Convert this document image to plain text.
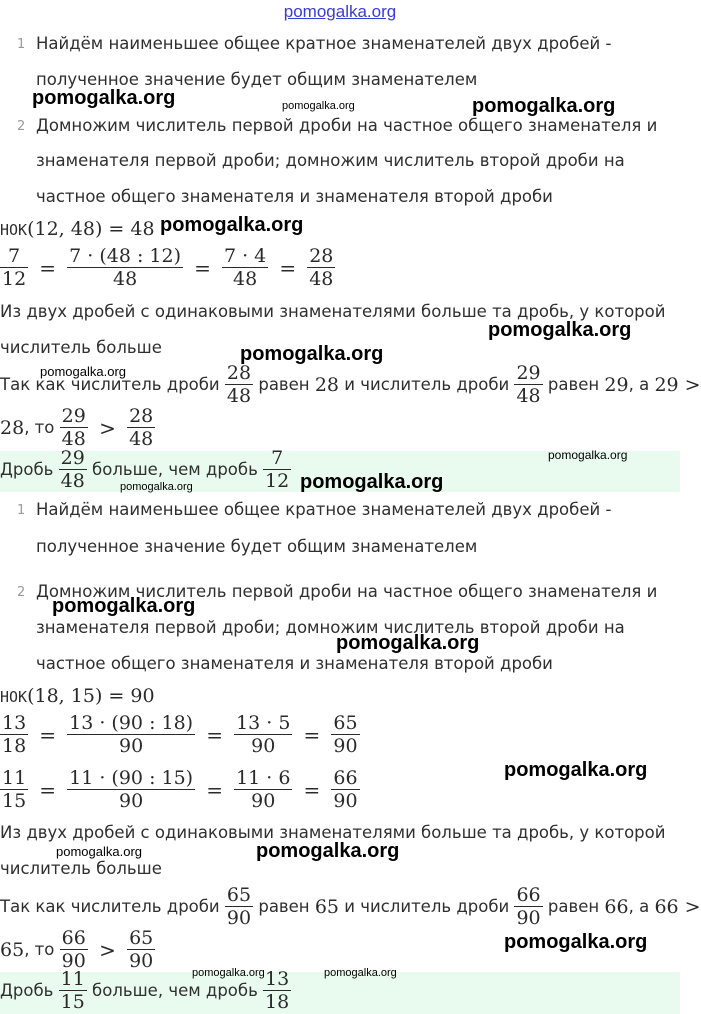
pomogalka.org
1 Найдём наименьшее общее кратное знаменателей двух дробей -
полученное значение будет общим знаменателем
2 Домножим числитель первой дроби на частное общего знаменателя и
знаменателя первой дроби; домножим числитель второй дроби на
частное общего знаменателя и знаменателя второй дроби
НОК(12, 48) = 48
$\frac{7}{12} = \frac{7 \cdot (48 : 12)}{48} = \frac{7 \cdot 4}{48} = \frac{28}{48}$
Из двух дробей с одинаковыми знаменателями больше та дробь, у которой
числитель больше
Так как числитель дроби $\frac{28}{48}$ равен 28 и числитель дроби $\frac{29}{48}$ равен 29, а 29 >
28, то $\frac{29}{48} > \frac{28}{48}$
Дробь $\frac{29}{48}$ больше, чем дробь $\frac{7}{12}$
1 Найдём наименьшее общее кратное знаменателей двух дробей -
полученное значение будет общим знаменателем
2 Домножим числитель первой дроби на частное общего знаменателя и
знаменателя первой дроби; домножим числитель второй дроби на
частное общего знаменателя и знаменателя второй дроби
НОК(18, 15) = 90
$\frac{13}{18} = \frac{13 \cdot (90 : 18)}{90} = \frac{13 \cdot 5}{90} = \frac{65}{90}$
$\frac{11}{15} = \frac{11 \cdot (90 : 15)}{90} = \frac{11 \cdot 6}{90} = \frac{66}{90}$
Из двух дробей с одинаковыми знаменателями больше та дробь, у которой
числитель больше
Так как числитель дроби $\frac{65}{90}$ равен 65 и числитель дроби $\frac{66}{90}$ равен 66, а 66 >
65, то $\frac{66}{90} > \frac{65}{90}$
Дробь $\frac{11}{15}$ больше, чем дробь $\frac{13}{18}$
pomogalka.org	pomogalka.org	pomogalka.org
pomogalka.org
pomogalka.org
pomogalka.org
pomogalka.org
pomogalka.org
pomogalka.org	pomogalka.org
pomogalka.org
pomogalka.org
pomogalka.org
pomogalka.org	pomogalka.org
pomogalka.org
pomogalka.org	pomogalka.org
